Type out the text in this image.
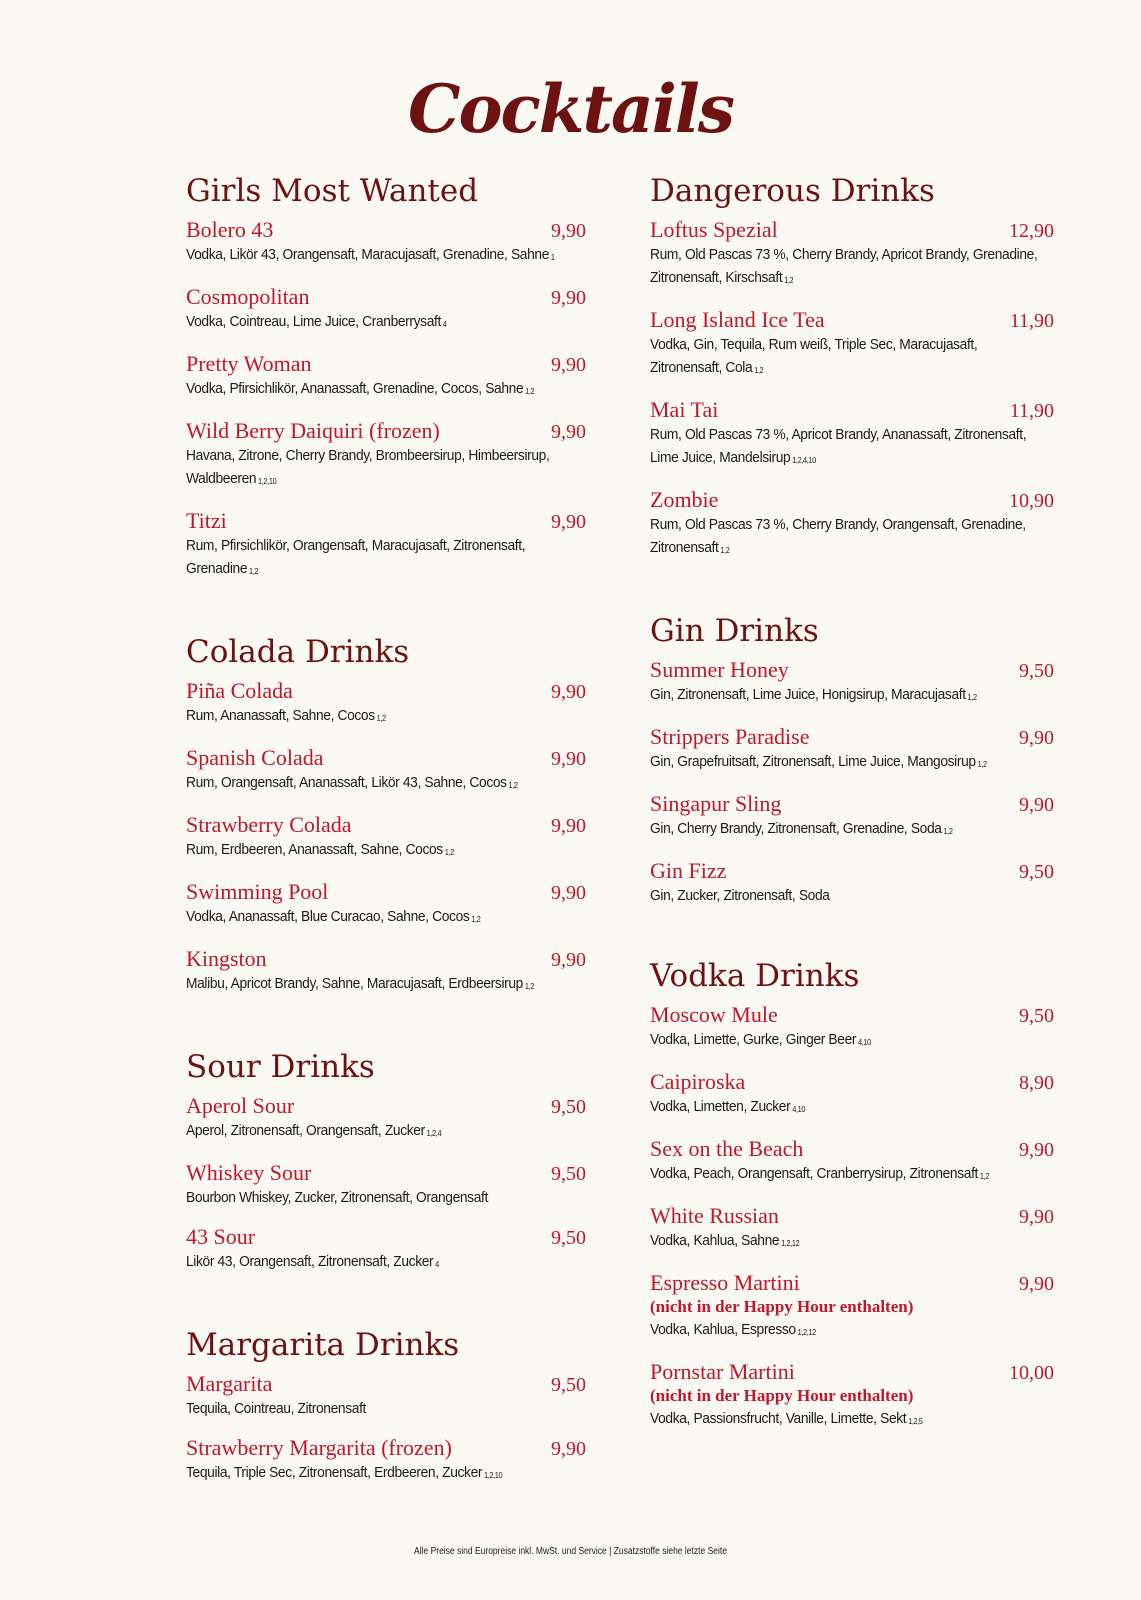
Cocktails
Girls Most Wanted
Bolero 43	9,90
Vodka, Likör 43, Orangensaft, Maracujasaft, Grenadine, Sahne $^1$
Cosmopolitan	9,90
Vodka, Cointreau, Lime Juice, Cranberrysaft $^4$
Pretty Woman	9,90
Vodka, Pfirsichlikör, Ananassaft, Grenadine, Cocos, Sahne $^{1,2}$
Wild Berry Daiquiri (frozen)	9,90
Havana, Zitrone, Cherry Brandy, Brombeersirup, Himbeersirup, Waldbeeren $^{1,2,10}$
Titzi	9,90
Rum, Pfirsichlikör, Orangensaft, Maracujasaft, Zitronensaft, Grenadine $^{1,2}$
Colada Drinks
Piña Colada	9,90
Rum, Ananassaft, Sahne, Cocos $^{1,2}$
Spanish Colada	9,90
Rum, Orangensaft, Ananassaft, Likör 43, Sahne, Cocos $^{1,2}$
Strawberry Colada	9,90
Rum, Erdbeeren, Ananassaft, Sahne, Cocos $^{1,2}$
Swimming Pool	9,90
Vodka, Ananassaft, Blue Curacao, Sahne, Cocos $^{1,2}$
Kingston	9,90
Malibu, Apricot Brandy, Sahne, Maracujasaft, Erdbeersirup $^{1,2}$
Sour Drinks
Aperol Sour	9,50
Aperol, Zitronensaft, Orangensaft, Zucker $^{1,2,4}$
Whiskey Sour	9,50
Bourbon Whiskey, Zucker, Zitronensaft, Orangensaft
43 Sour	9,50
Likör 43, Orangensaft, Zitronensaft, Zucker $^4$
Margarita Drinks
Margarita	9,50
Tequila, Cointreau, Zitronensaft
Strawberry Margarita (frozen)	9,90
Tequila, Triple Sec, Zitronensaft, Erdbeeren, Zucker $^{1,2,10}$
Dangerous Drinks
Loftus Spezial	12,90
Rum, Old Pascas 73 %, Cherry Brandy, Apricot Brandy, Grenadine, Zitronensaft, Kirschsaft $^{1,2}$
Long Island Ice Tea	11,90
Vodka, Gin, Tequila, Rum weiß, Triple Sec, Maracujasaft, Zitronensaft, Cola $^{1,2}$
Mai Tai	11,90
Rum, Old Pascas 73 %, Apricot Brandy, Ananassaft, Zitronensaft, Lime Juice, Mandelsirup $^{1,2,4,10}$
Zombie	10,90
Rum, Old Pascas 73 %, Cherry Brandy, Orangensaft, Grenadine, Zitronensaft $^{1,2}$
Gin Drinks
Summer Honey	9,50
Gin, Zitronensaft, Lime Juice, Honigsirup, Maracujasaft $^{1,2}$
Strippers Paradise	9,90
Gin, Grapefruitsaft, Zitronensaft, Lime Juice, Mangosirup $^{1,2}$
Singapur Sling	9,90
Gin, Cherry Brandy, Zitronensaft, Grenadine, Soda $^{1,2}$
Gin Fizz	9,50
Gin, Zucker, Zitronensaft, Soda
Vodka Drinks
Moscow Mule	9,50
Vodka, Limette, Gurke, Ginger Beer $^{4,10}$
Caipiroska	8,90
Vodka, Limetten, Zucker $^{4,10}$
Sex on the Beach	9,90
Vodka, Peach, Orangensaft, Cranberrysirup, Zitronensaft $^{1,2}$
White Russian	9,90
Vodka, Kahlua, Sahne $^{1,2,12}$
Espresso Martini	9,90
(nicht in der Happy Hour enthalten)
Vodka, Kahlua, Espresso $^{1,2,12}$
Pornstar Martini	10,00
(nicht in der Happy Hour enthalten)
Vodka, Passionsfrucht, Vanille, Limette, Sekt $^{1,2,5}$
Alle Preise sind Europreise inkl. MwSt. und Service | Zusatzstoffe siehe letzte Seite
